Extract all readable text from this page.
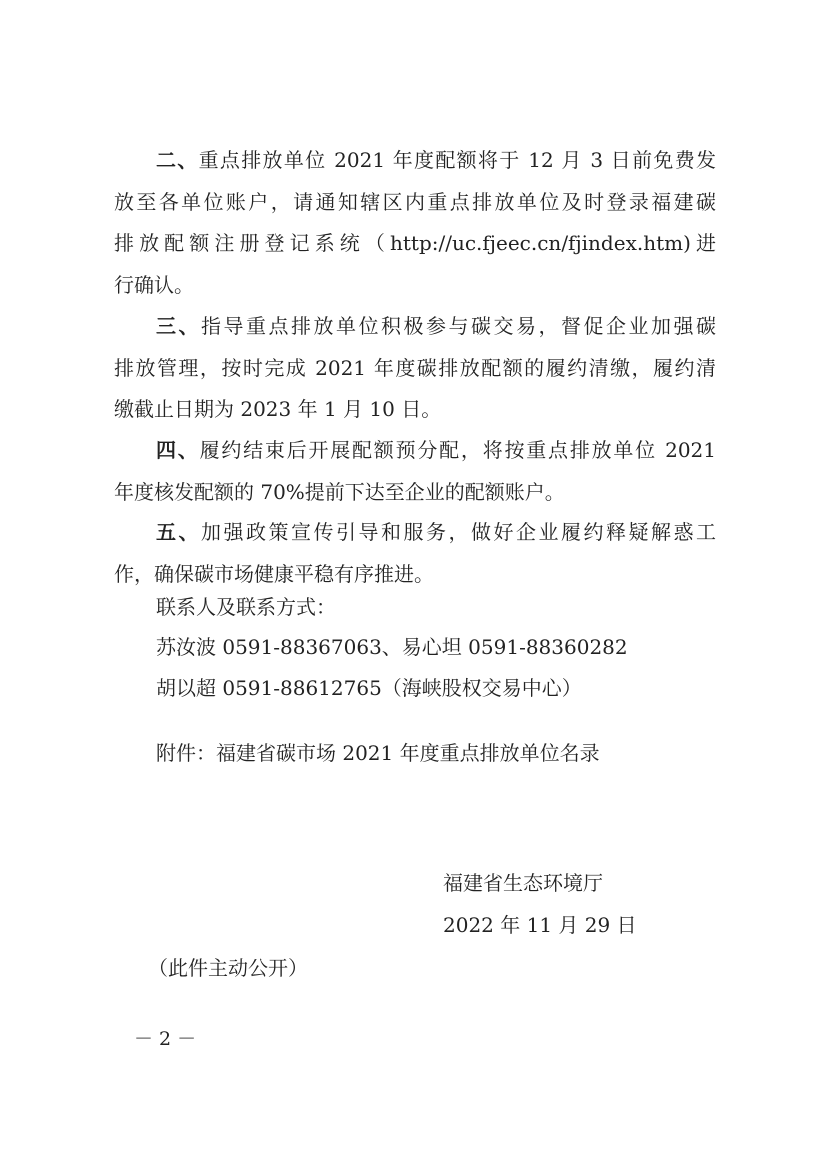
二、重点排放单位 2021 年度配额将于 12 月 3 日前免费发
放至各单位账户，请通知辖区内重点排放单位及时登录福建碳
排放配额注册登记系统（http://uc.fjeec.cn/fjindex.htm)进
行确认。
三、指导重点排放单位积极参与碳交易，督促企业加强碳
排放管理，按时完成 2021 年度碳排放配额的履约清缴，履约清
缴截止日期为 2023 年 1 月 10 日。
四、履约结束后开展配额预分配，将按重点排放单位 2021
年度核发配额的 70%提前下达至企业的配额账户。
五、加强政策宣传引导和服务，做好企业履约释疑解惑工
作，确保碳市场健康平稳有序推进。
联系人及联系方式：
苏汝波 0591-88367063、易心坦 0591-88360282
胡以超 0591-88612765（海峡股权交易中心）
附件：福建省碳市场 2021 年度重点排放单位名录
福建省生态环境厅
2022 年 11 月 29 日
（此件主动公开）
－ 2 －
